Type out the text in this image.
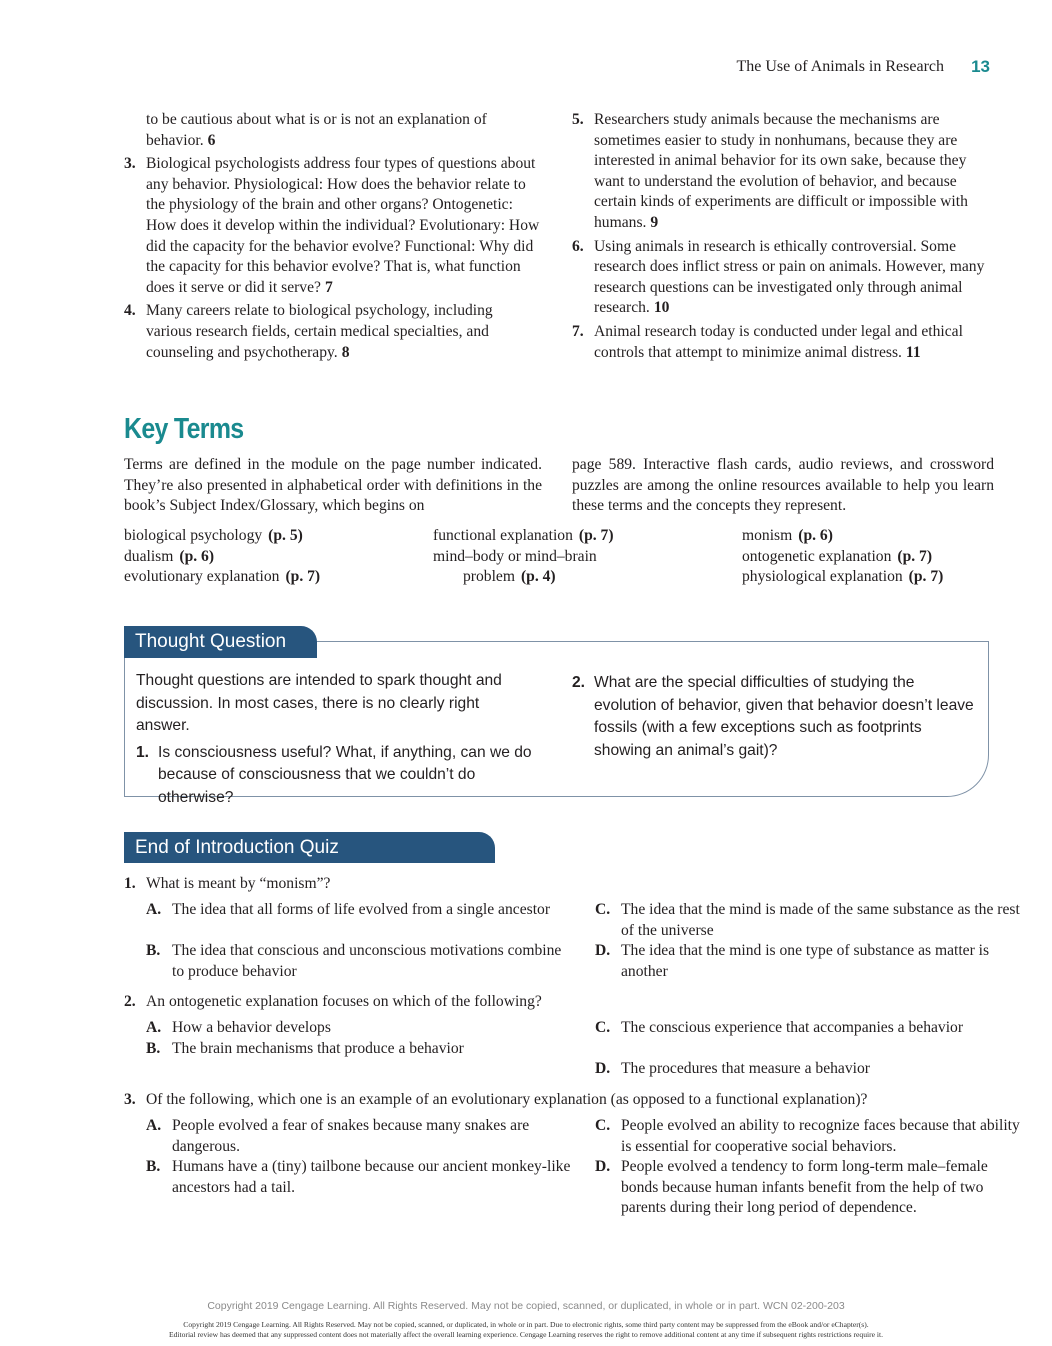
The Use of Animals in Research 13
to be cautious about what is or is not an explanation of behavior. 6
3. Biological psychologists address four types of questions about any behavior. Physiological: How does the behavior relate to the physiology of the brain and other organs? Ontogenetic: How does it develop within the individual? Evolutionary: How did the capacity for the behavior evolve? Functional: Why did the capacity for this behavior evolve? That is, what function does it serve or did it serve? 7
4. Many careers relate to biological psychology, including various research fields, certain medical specialties, and counseling and psychotherapy. 8
5. Researchers study animals because the mechanisms are sometimes easier to study in nonhumans, because they are interested in animal behavior for its own sake, because they want to understand the evolution of behavior, and because certain kinds of experiments are difficult or impossible with humans. 9
6. Using animals in research is ethically controversial. Some research does inflict stress or pain on animals. However, many research questions can be investigated only through animal research. 10
7. Animal research today is conducted under legal and ethical controls that attempt to minimize animal distress. 11
Key Terms
Terms are defined in the module on the page number indicated. They’re also presented in alphabetical order with definitions in the book’s Subject Index/Glossary, which begins on
page 589. Interactive flash cards, audio reviews, and crossword puzzles are among the online resources available to help you learn these terms and the concepts they represent.
biological psychology (p. 5)
dualism (p. 6)
evolutionary explanation (p. 7)
functional explanation (p. 7)
mind–body or mind–brain
problem (p. 4)
monism (p. 6)
ontogenetic explanation (p. 7)
physiological explanation (p. 7)
Thought Question
Thought questions are intended to spark thought and discussion. In most cases, there is no clearly right answer.
1. Is consciousness useful? What, if anything, can we do because of consciousness that we couldn’t do otherwise?
2. What are the special difficulties of studying the evolution of behavior, given that behavior doesn’t leave fossils (with a few exceptions such as footprints showing an animal’s gait)?
End of Introduction Quiz
1. What is meant by “monism”?
A. The idea that all forms of life evolved from a single ancestor
B. The idea that conscious and unconscious motivations combine to produce behavior
C. The idea that the mind is made of the same substance as the rest of the universe
D. The idea that the mind is one type of substance as matter is another
2. An ontogenetic explanation focuses on which of the following?
A. How a behavior develops
B. The brain mechanisms that produce a behavior
C. The conscious experience that accompanies a behavior
D. The procedures that measure a behavior
3. Of the following, which one is an example of an evolutionary explanation (as opposed to a functional explanation)?
A. People evolved a fear of snakes because many snakes are dangerous.
B. Humans have a (tiny) tailbone because our ancient monkey-like ancestors had a tail.
C. People evolved an ability to recognize faces because that ability is essential for cooperative social behaviors.
D. People evolved a tendency to form long-term male–female bonds because human infants benefit from the help of two parents during their long period of dependence.
Copyright 2019 Cengage Learning. All Rights Reserved. May not be copied, scanned, or duplicated, in whole or in part. WCN 02-200-203
Copyright 2019 Cengage Learning. All Rights Reserved. May not be copied, scanned, or duplicated, in whole or in part. Due to electronic rights, some third party content may be suppressed from the eBook and/or eChapter(s).
Editorial review has deemed that any suppressed content does not materially affect the overall learning experience. Cengage Learning reserves the right to remove additional content at any time if subsequent rights restrictions require it.
